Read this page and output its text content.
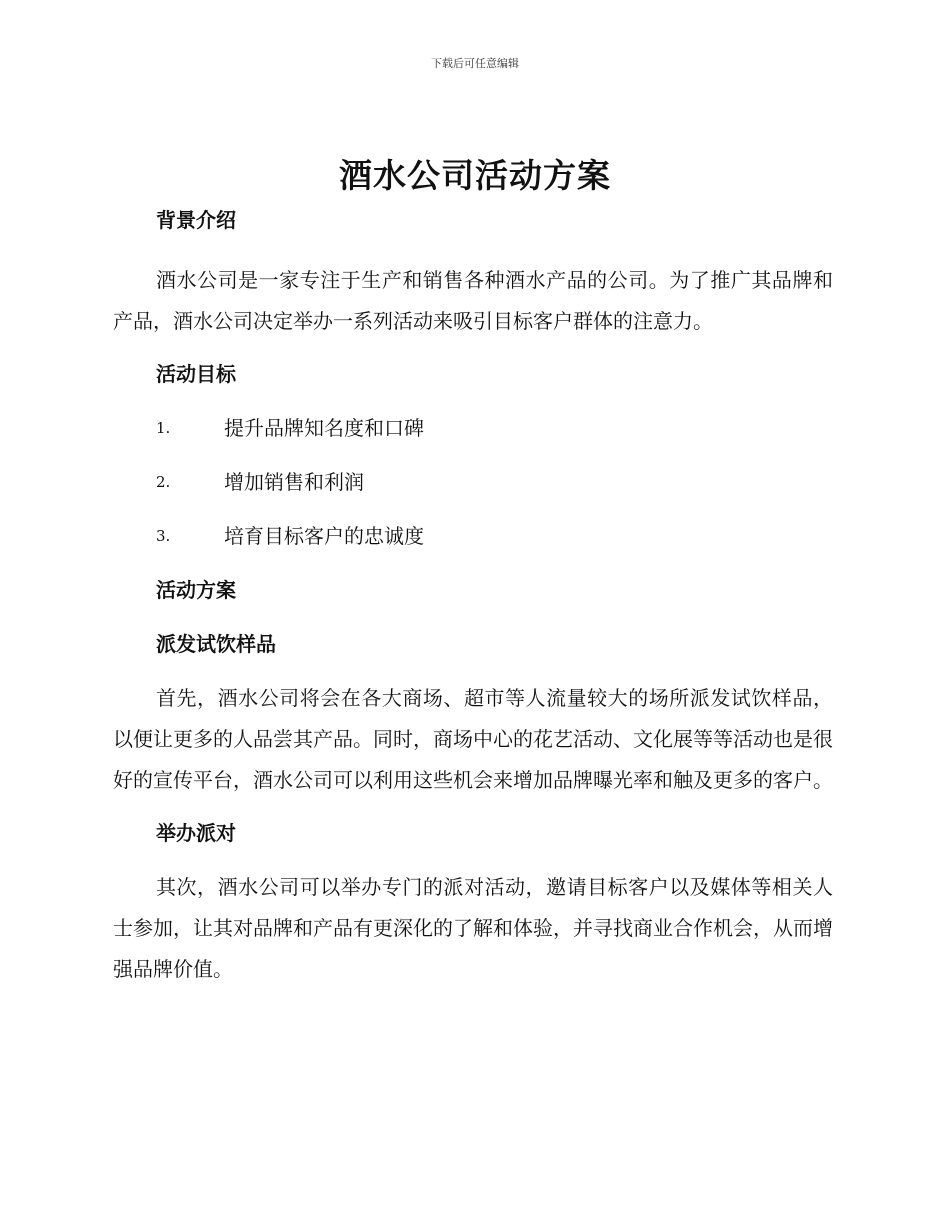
下载后可任意编辑
酒水公司活动方案

背景介绍

酒水公司是一家专注于生产和销售各种酒水产品的公司。为了推广其品牌和产品，酒水公司决定举办一系列活动来吸引目标客户群体的注意力。

活动目标

1.	提升品牌知名度和口碑
2.	增加销售和利润
3.	培育目标客户的忠诚度

活动方案

派发试饮样品

首先，酒水公司将会在各大商场、超市等人流量较大的场所派发试饮样品，以便让更多的人品尝其产品。同时，商场中心的花艺活动、文化展等等活动也是很好的宣传平台，酒水公司可以利用这些机会来增加品牌曝光率和触及更多的客户。

举办派对

其次，酒水公司可以举办专门的派对活动，邀请目标客户以及媒体等相关人士参加，让其对品牌和产品有更深化的了解和体验，并寻找商业合作机会，从而增强品牌价值。
